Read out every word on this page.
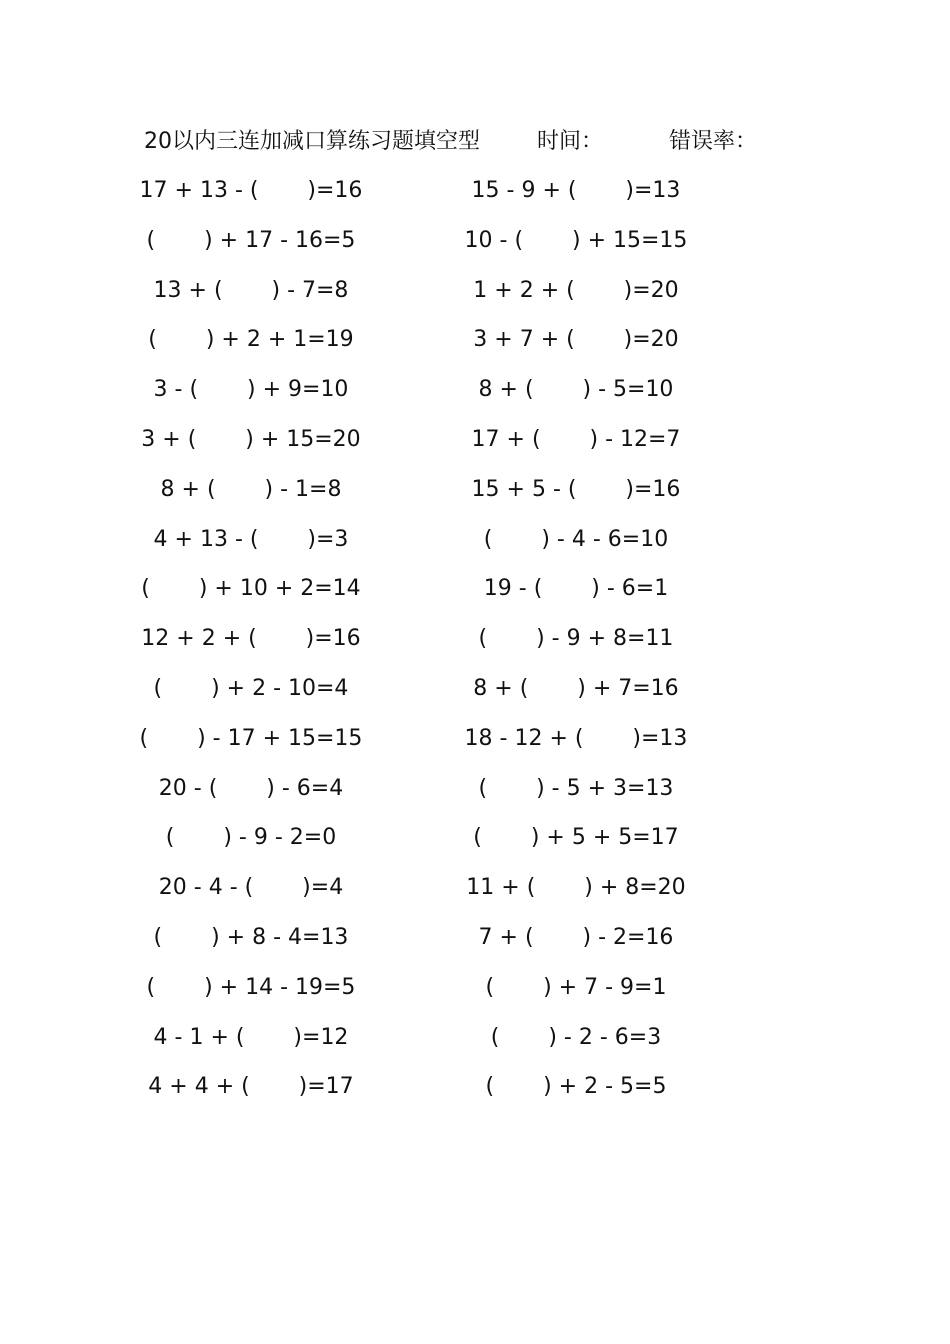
20以内三连加减口算练习题填空型	时间：	错误率：
17 + 13 - (       )=16	15 - 9 + (       )=13
(       ) + 17 - 16=5	10 - (       ) + 15=15
13 + (       ) - 7=8	1 + 2 + (       )=20
(       ) + 2 + 1=19	3 + 7 + (       )=20
3 - (       ) + 9=10	8 + (       ) - 5=10
3 + (       ) + 15=20	17 + (       ) - 12=7
8 + (       ) - 1=8	15 + 5 - (       )=16
4 + 13 - (       )=3	(       ) - 4 - 6=10
(       ) + 10 + 2=14	19 - (       ) - 6=1
12 + 2 + (       )=16	(       ) - 9 + 8=11
(       ) + 2 - 10=4	8 + (       ) + 7=16
(       ) - 17 + 15=15	18 - 12 + (       )=13
20 - (       ) - 6=4	(       ) - 5 + 3=13
(       ) - 9 - 2=0	(       ) + 5 + 5=17
20 - 4 - (       )=4	11 + (       ) + 8=20
(       ) + 8 - 4=13	7 + (       ) - 2=16
(       ) + 14 - 19=5	(       ) + 7 - 9=1
4 - 1 + (       )=12	(       ) - 2 - 6=3
4 + 4 + (       )=17	(       ) + 2 - 5=5
